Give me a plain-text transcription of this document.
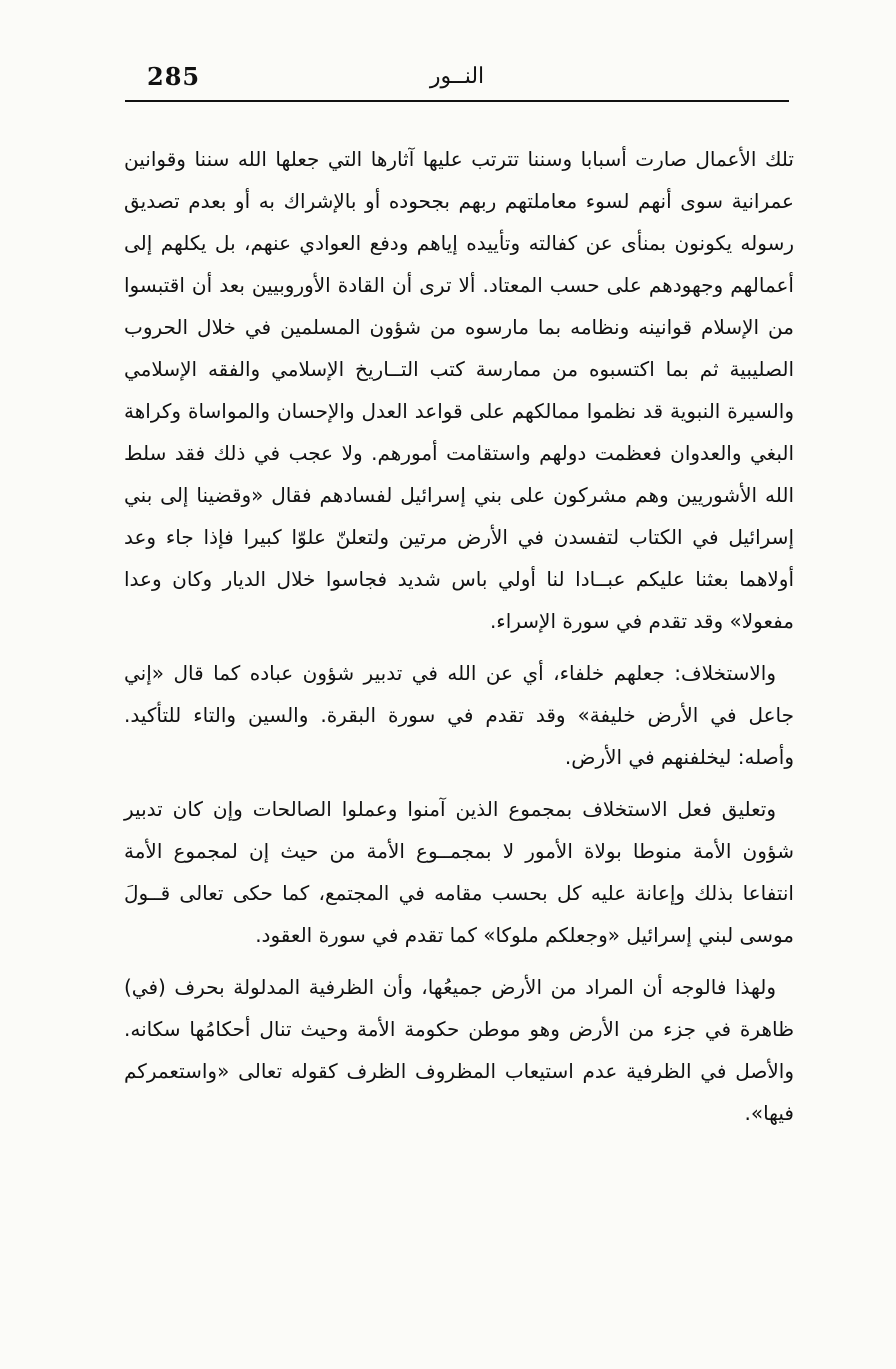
285	النــور

تلك الأعمال صارت أسبابا وسننا تترتب عليها آثارها التي جعلها الله سننا وقوانين عمرانية سوى أنهم لسوء معاملتهم ربهم بجحوده أو بالإشراك به أو بعدم تصديق رسوله يكونون بمنأى عن كفالته وتأييده إياهم ودفع العوادي عنهم، بل يكلهم إلى أعمالهم وجهودهم على حسب المعتاد. ألا ترى أن القادة الأوروبيين بعد أن اقتبسوا من الإسلام قوانينه ونظامه بما مارسوه من شؤون المسلمين في خلال الحروب الصليبية ثم بما اكتسبوه من ممارسة كتب التــاريخ الإسلامي والفقه الإسلامي والسيرة النبوية قد نظموا ممالكهم على قواعد العدل والإحسان والمواساة وكراهة البغي والعدوان فعظمت دولهم واستقامت أمورهم. ولا عجب في ذلك فقد سلط الله الأشوريين وهم مشركون على بني إسرائيل لفسادهم فقال «وقضينا إلى بني إسرائيل في الكتاب لتفسدن في الأرض مرتين ولتعلنّ علوّا كبيرا فإذا جاء وعد أولاهما بعثنا عليكم عبــادا لنا أولي باس شديد فجاسوا خلال الديار وكان وعدا مفعولا» وقد تقدم في سورة الإسراء.

والاستخلاف: جعلهم خلفاء، أي عن الله في تدبير شؤون عباده كما قال «إني جاعل في الأرض خليفة» وقد تقدم في سورة البقرة. والسين والتاء للتأكيد. وأصله: ليخلفنهم في الأرض.

وتعليق فعل الاستخلاف بمجموع الذين آمنوا وعملوا الصالحات وإن كان تدبير شؤون الأمة منوطا بولاة الأمور لا بمجمــوع الأمة من حيث إن لمجموع الأمة انتفاعا بذلك وإعانة عليه كل بحسب مقامه في المجتمع، كما حكى تعالى قــولَ موسى لبني إسرائيل «وجعلكم ملوكا» كما تقدم في سورة العقود.

ولهذا فالوجه أن المراد من الأرض جميعُها، وأن الظرفية المدلولة بحرف (في) ظاهرة في جزء من الأرض وهو موطن حكومة الأمة وحيث تنال أحكامُها سكانه. والأصل في الظرفية عدم استيعاب المظروف الظرف كقوله تعالى «واستعمركم فيها».
